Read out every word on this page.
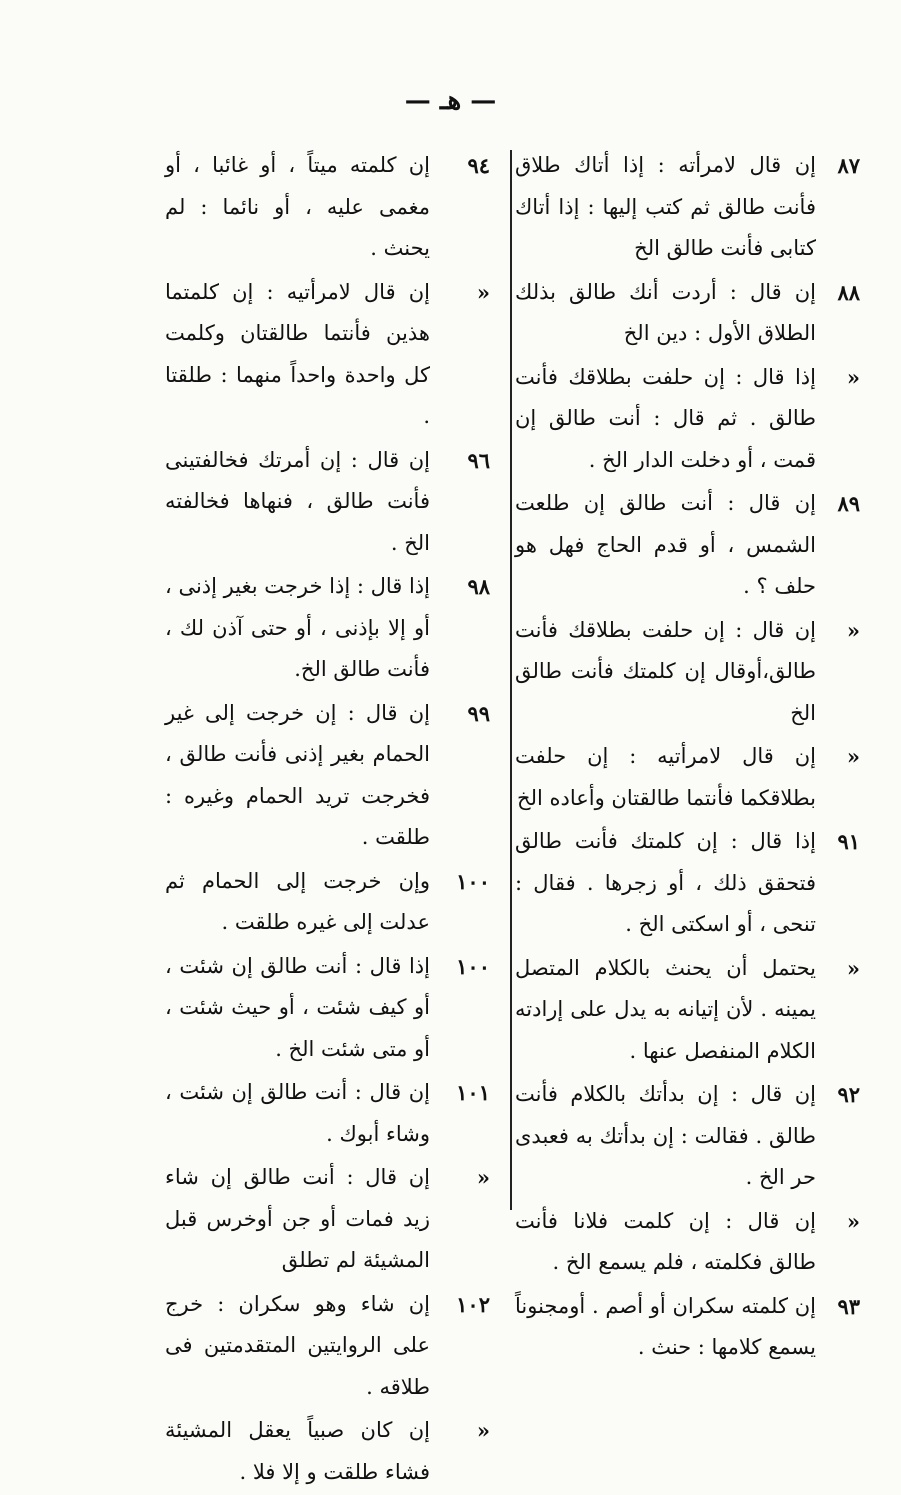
— هـ —
٨٧
إن قال لامرأته : إذا أتاك طلاق فأنت طالق ثم كتب إليها : إذا أتاك كتابى فأنت طالق الخ
٨٨
إن قال : أردت أنك طالق بذلك الطلاق الأول : دين الخ
«
إذا قال : إن حلفت بطلاقك فأنت طالق . ثم قال : أنت طالق إن قمت ، أو دخلت الدار الخ .
٨٩
إن قال : أنت طالق إن طلعت الشمس ، أو قدم الحاج فهل هو حلف ؟ .
«
إن قال : إن حلفت بطلاقك فأنت طالق،أوقال إن كلمتك فأنت طالق الخ
«
إن قال لامرأتيه : إن حلفت بطلاقكما فأنتما طالقتان وأعاده الخ
٩١
إذا قال : إن كلمتك فأنت طالق فتحقق ذلك ، أو زجرها . فقال : تنحى ، أو اسكتى الخ .
«
يحتمل أن يحنث بالكلام المتصل يمينه . لأن إتيانه به يدل على إرادته الكلام المنفصل عنها .
٩٢
إن قال : إن بدأتك بالكلام فأنت طالق . فقالت : إن بدأتك به فعبدى حر الخ .
«
إن قال : إن كلمت فلانا فأنت طالق فكلمته ، فلم يسمع الخ .
٩٣
إن كلمته سكران أو أصم . أومجنوناً يسمع كلامها : حنث .
٩٤
إن كلمته ميتاً ، أو غائبا ، أو مغمى عليه ، أو نائما : لم يحنث .
«
إن قال لامرأتيه : إن كلمتما هذين فأنتما طالقتان وكلمت كل واحدة واحداً منهما : طلقتا .
٩٦
إن قال : إن أمرتك فخالفتينى فأنت طالق ، فنهاها فخالفته الخ .
٩٨
إذا قال : إذا خرجت بغير إذنى ، أو إلا بإذنى ، أو حتى آذن لك ، فأنت طالق الخ.
٩٩
إن قال : إن خرجت إلى غير الحمام بغير إذنى فأنت طالق ، فخرجت تريد الحمام وغيره : طلقت .
١٠٠
وإن خرجت إلى الحمام ثم عدلت إلى غيره طلقت .
١٠٠
إذا قال : أنت طالق إن شئت ، أو كيف شئت ، أو حيث شئت ، أو متى شئت الخ .
١٠١
إن قال : أنت طالق إن شئت ، وشاء أبوك .
«
إن قال : أنت طالق إن شاء زيد فمات أو جن أوخرس قبل المشيئة لم تطلق
١٠٢
إن شاء وهو سكران : خرج على الروايتين المتقدمتين فى طلاقه .
«
إن كان صبياً يعقل المشيئة فشاء طلقت و إلا فلا .
